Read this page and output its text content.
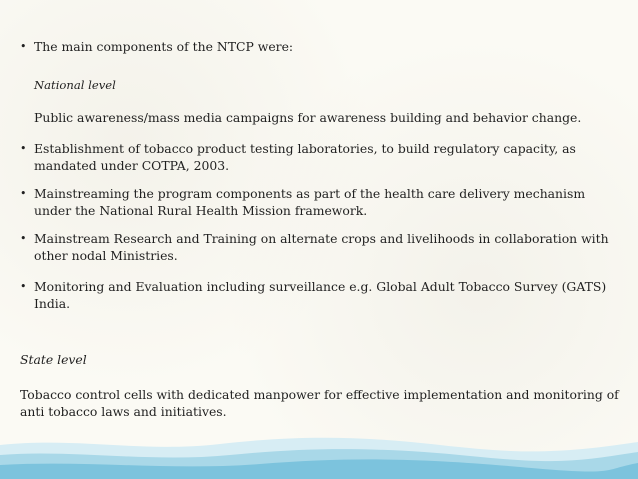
• The main components of the NTCP were:
National level
Public awareness/mass media campaigns for awareness building and behavior change.
• Establishment of tobacco product testing laboratories, to build regulatory capacity, as mandated under COTPA, 2003.
• Mainstreaming the program components as part of the health care delivery mechanism under the National Rural Health Mission framework.
• Mainstream Research and Training on alternate crops and livelihoods in collaboration with other nodal Ministries.
• Monitoring and Evaluation including surveillance e.g. Global Adult Tobacco Survey (GATS) India.
State level
Tobacco control cells with dedicated manpower for effective implementation and monitoring of anti tobacco laws and initiatives.
